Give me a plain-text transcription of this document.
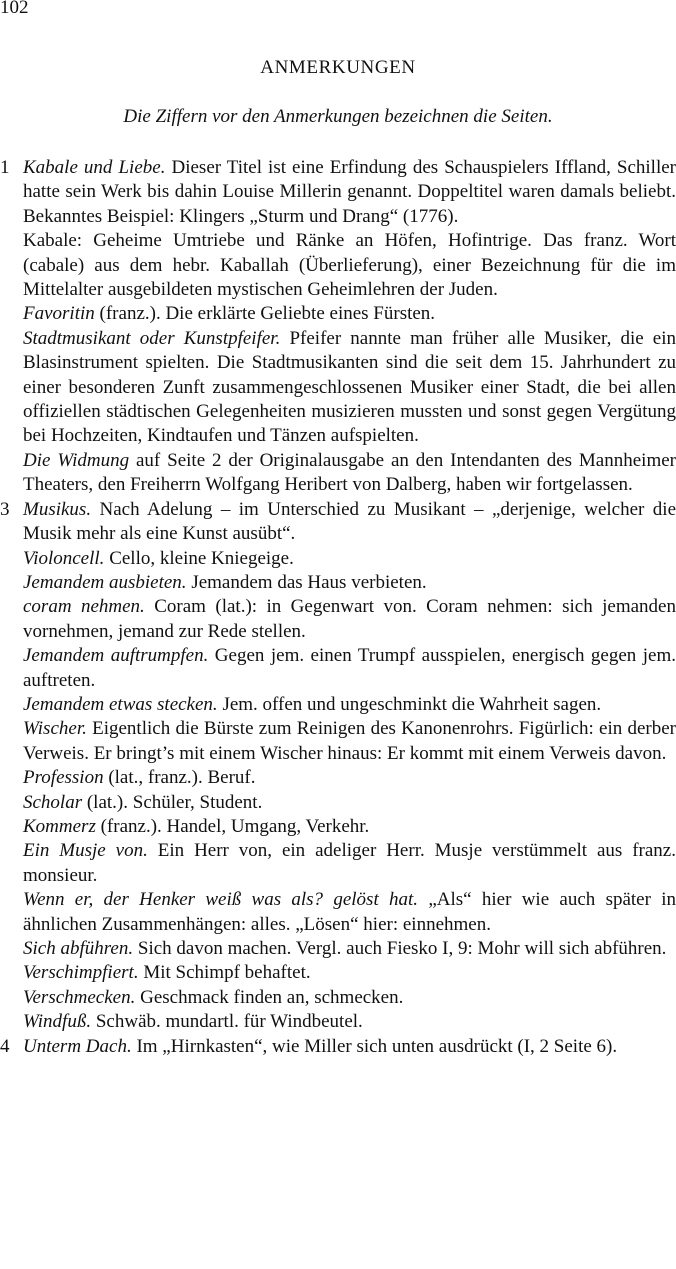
102
ANMERKUNGEN
Die Ziffern vor den Anmerkungen bezeichnen die Seiten.
1 Kabale und Liebe. Dieser Titel ist eine Erfindung des Schauspielers Iffland, Schiller hatte sein Werk bis dahin Louise Millerin genannt. Doppeltitel waren damals beliebt. Bekanntes Beispiel: Klingers „Sturm und Drang“ (1776).

Kabale: Geheime Umtriebe und Ränke an Höfen, Hofintrige. Das franz. Wort (cabale) aus dem hebr. Kaballah (Überlieferung), einer Bezeichnung für die im Mittelalter ausgebildeten mystischen Geheimlehren der Juden.

Favoritin (franz.). Die erklärte Geliebte eines Fürsten.

Stadtmusikant oder Kunstpfeifer. Pfeifer nannte man früher alle Musiker, die ein Blasinstrument spielten. Die Stadtmusikanten sind die seit dem 15. Jahrhundert zu einer besonderen Zunft zusammengeschlossenen Musiker einer Stadt, die bei allen offiziellen städtischen Gelegenheiten musizieren mussten und sonst gegen Vergütung bei Hochzeiten, Kindtaufen und Tänzen aufspielten.

Die Widmung auf Seite 2 der Originalausgabe an den Intendanten des Mannheimer Theaters, den Freiherrn Wolfgang Heribert von Dalberg, haben wir fortgelassen.

3 Musikus. Nach Adelung – im Unterschied zu Musikant – „derjenige, welcher die Musik mehr als eine Kunst ausübt“.

Violoncell. Cello, kleine Kniegeige.

Jemandem ausbieten. Jemandem das Haus verbieten.

coram nehmen. Coram (lat.): in Gegenwart von. Coram nehmen: sich jemanden vornehmen, jemand zur Rede stellen.

Jemandem auftrumpfen. Gegen jem. einen Trumpf ausspielen, energisch gegen jem. auftreten.

Jemandem etwas stecken. Jem. offen und ungeschminkt die Wahrheit sagen.

Wischer. Eigentlich die Bürste zum Reinigen des Kanonenrohrs. Figürlich: ein derber Verweis. Er bringt’s mit einem Wischer hinaus: Er kommt mit einem Verweis davon.

Profession (lat., franz.). Beruf.

Scholar (lat.). Schüler, Student.

Kommerz (franz.). Handel, Umgang, Verkehr.

Ein Musje von. Ein Herr von, ein adeliger Herr. Musje verstümmelt aus franz. monsieur.

Wenn er, der Henker weiß was als? gelöst hat. „Als“ hier wie auch später in ähnlichen Zusammenhängen: alles. „Lösen“ hier: einnehmen.

Sich abführen. Sich davon machen. Vergl. auch Fiesko I, 9: Mohr will sich abführen.

Verschimpfiert. Mit Schimpf behaftet.

Verschmecken. Geschmack finden an, schmecken.

Windfuß. Schwäb. mundartl. für Windbeutel.

4 Unterm Dach. Im „Hirnkasten“, wie Miller sich unten ausdrückt (I, 2 Seite 6).
